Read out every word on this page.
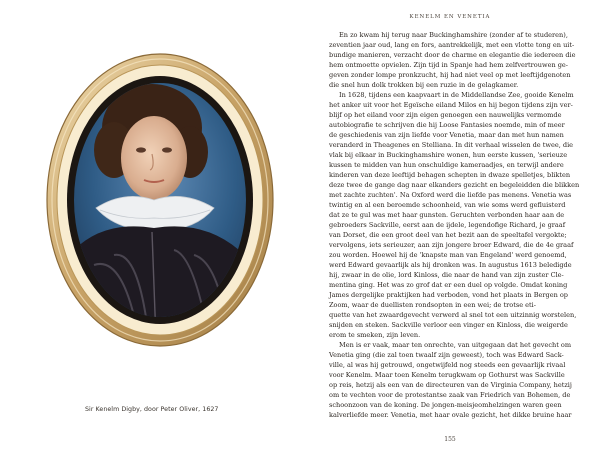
Sir Kenelm Digby, door Peter Oliver, 1627
KENELM EN VENETIA
En zo kwam hij terug naar Buckinghamshire (zonder af te studeren),
zeventien jaar oud, lang en fors, aantrekkelijk, met een vlotte tong en uit-
bundige manieren, verzacht door de charme en elegantie die iedereen die
hem ontmoette opvielen. Zijn tijd in Spanje had hem zelfvertrouwen ge-
geven zonder lompe pronkzucht, hij had niet veel op met leeftijdgenoten
die snel hun dolk trokken bij een ruzie in de gelagkamer.
In 1628, tijdens een kaapvaart in de Middellandse Zee, gooide Kenelm
het anker uit voor het Egeïsche eiland Milos en hij begon tijdens zijn ver-
blijf op het eiland voor zijn eigen genoegen een nauwelijks vermomde
autobiografie te schrijven die hij Loose Fantasies noemde, min of meer
de geschiedenis van zijn liefde voor Venetia, maar dan met hun namen
veranderd in Theagenes en Stelliana. In dit verhaal wisselen de twee, die
vlak bij elkaar in Buckinghamshire wonen, hun eerste kussen, 'serieuze
kussen te midden van hun onschuldige kameraadjes, en terwijl andere
kinderen van deze leeftijd behagen schepten in dwaze spelletjes, blikten
deze twee de gange dag naar elkanders gezicht en begeleidden die blikken
met zachte zuchten'. Na Oxford werd die liefde pas menens. Venetia was
twintig en al een beroemde schoonheid, van wie soms werd gefluisterd
dat ze te gul was met haar gunsten. Geruchten verbonden haar aan de
gebroeders Sackville, eerst aan de ijdele, legendofige Richard, je graaf
van Dorset, die een groot deel van het bezit aan de speeltafel vergokte;
vervolgens, iets serieuzer, aan zijn jongere broer Edward, die de 4e graaf
zou worden. Hoewel hij de 'knapste man van Engeland' werd genoemd,
werd Edward gevaarlijk als hij dronken was. In augustus 1613 beledigde
hij, zwaar in de olie, lord Kinloss, die naar de hand van zijn zuster Cle-
mentina ging. Het was zo grof dat er een duel op volgde. Omdat koning
James dergelijke praktijken had verboden, vond het plaats in Bergen op
Zoom, waar de duellisten rondsopten in een wei; de trotse eti-
quette van het zwaardgevecht verwerd al snel tot een uitzinnig worstelen,
snijden en steken. Sackville verloor een vinger en Kinloss, die weigerde
erom te smeken, zijn leven.
Men is er vaak, maar ten onrechte, van uitgegaan dat het gevecht om
Venetia ging (die zal toen twaalf zijn geweest), toch was Edward Sack-
ville, al was hij getrouwd, ongetwijfeld nog steeds een gevaarlijk rivaal
voor Kenelm. Maar toen Kenelm terugkwam op Gothurst was Sackville
op reis, hetzij als een van de directeuren van de Virginia Company, hetzij
om te vechten voor de protestantse zaak van Friedrich van Bohemen, de
schoonzoon van de koning. De jongen-meisjeomhelzingen waren geen
kalverliefde meer. Venetia, met haar ovale gezicht, het dikke bruine haar
155
